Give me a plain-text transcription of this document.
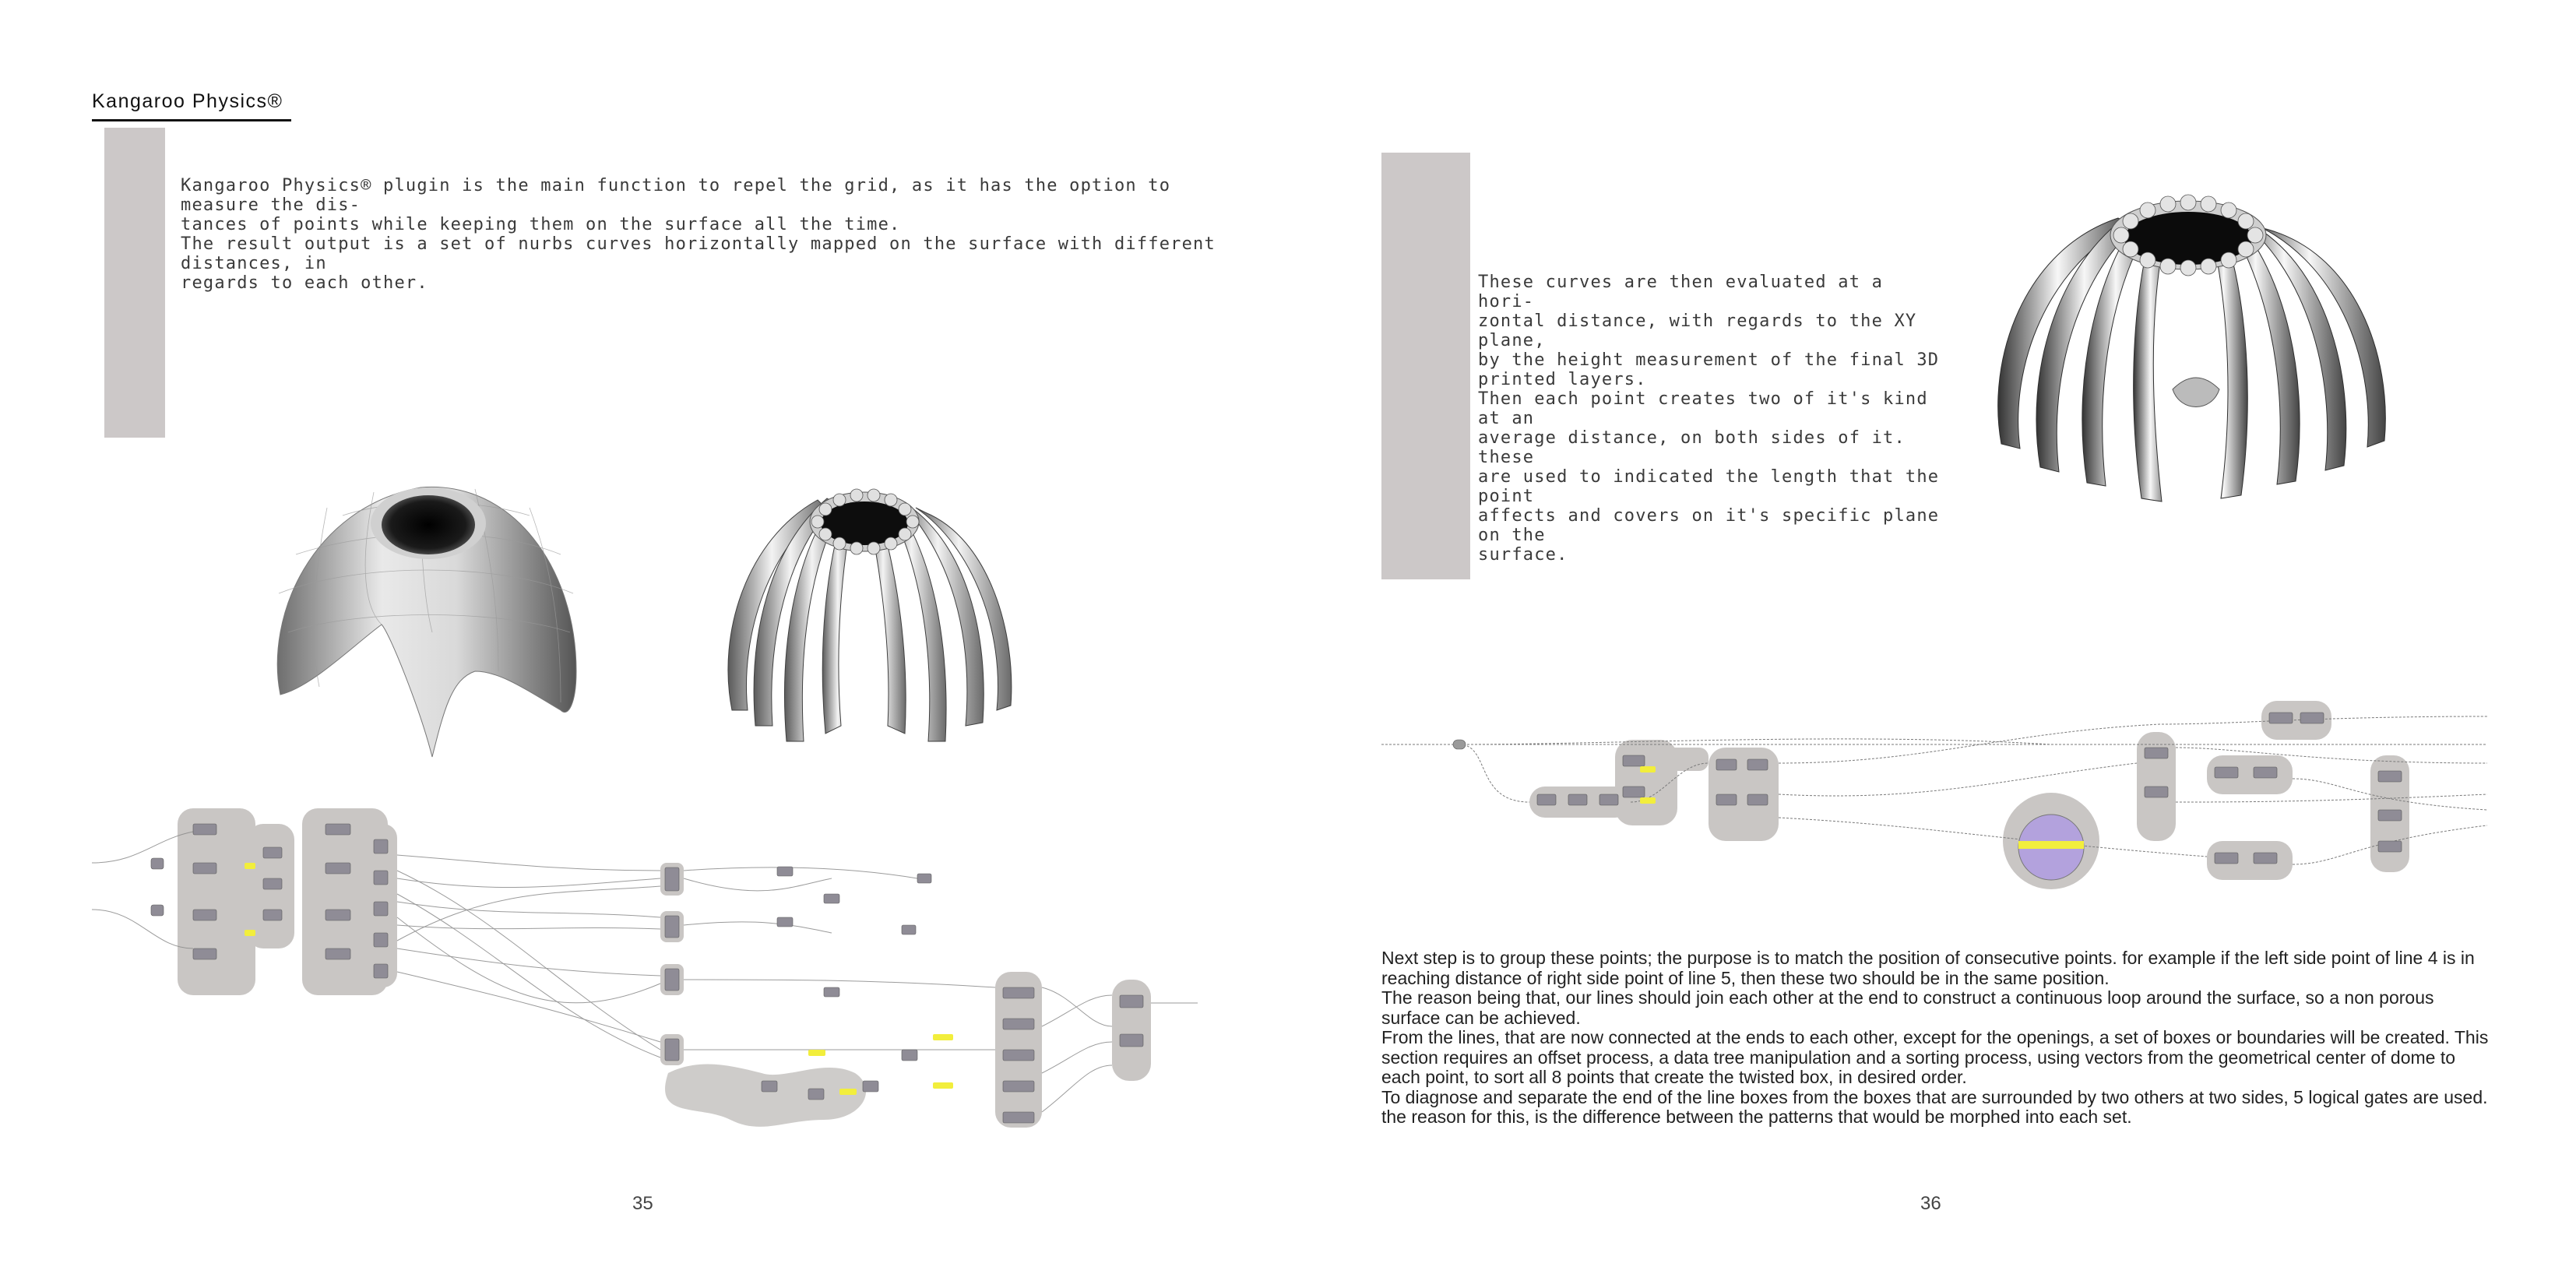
Kangaroo Physics®

Kangaroo Physics® plugin is the main function to repel the grid, as it has the option to measure the dis-
tances of points while keeping them on the surface all the time.
The result output is a set of nurbs curves horizontally mapped on the surface with different distances, in
regards to each other.

35

These curves are then evaluated at a hori-
zontal distance, with regards to the XY plane,
by the height measurement of the final 3D
printed layers.
Then each point creates two of it's kind at an
average distance, on both sides of it. these
are used to indicated the length that the point
affects and covers on it's specific plane on the
surface.

Next step is to group these points; the purpose is to match the position of consecutive points. for example if the left side point of line 4 is in reaching distance of right side point of line 5, then these two should be in the same position.

The reason being that, our lines should join each other at the end to construct a continuous loop around the surface, so a non porous surface can be achieved.

From the lines, that are now connected at the ends to each other, except for the openings, a set of boxes or boundaries will be created. This section requires an offset process, a data tree manipulation and a sorting process, using vectors from the geometrical center of dome to each point, to sort all 8 points that create the twisted box, in desired order.

To diagnose and separate the end of the line boxes from the boxes that are surrounded by two others at two sides, 5 logical gates are used. the reason for this, is the difference between the patterns that would be morphed into each set.

36
